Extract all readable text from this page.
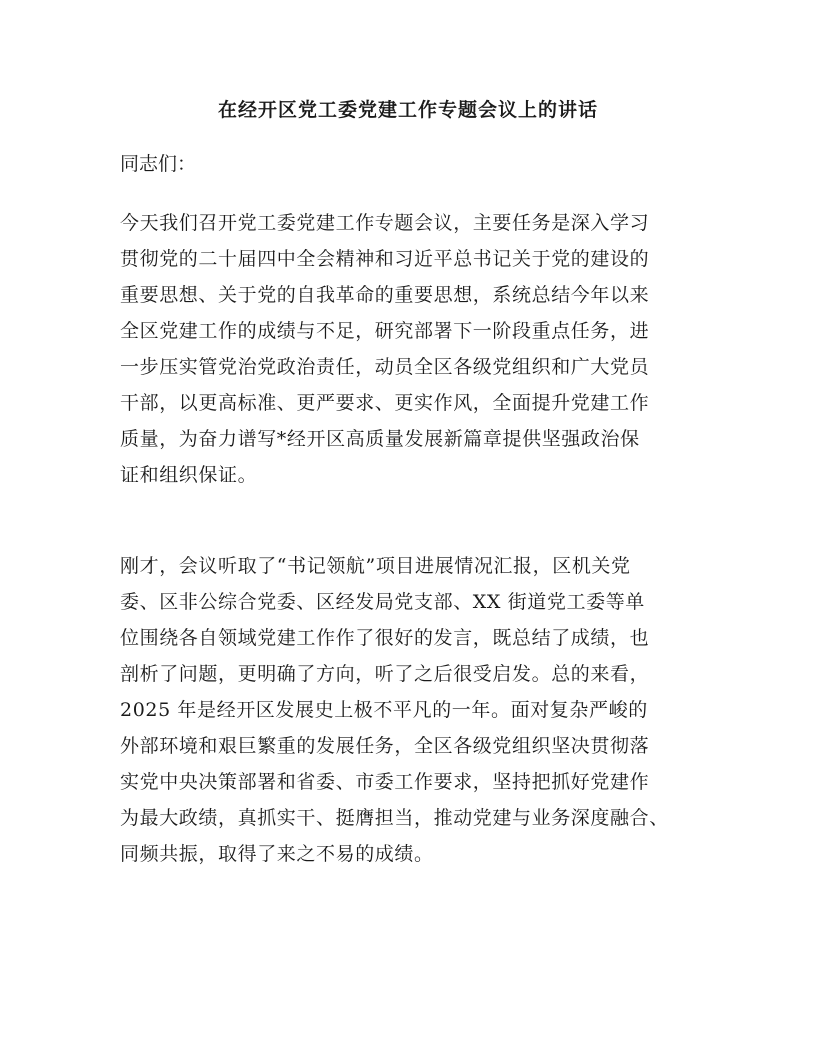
在经开区党工委党建工作专题会议上的讲话
同志们：
今天我们召开党工委党建工作专题会议，主要任务是深入学习
贯彻党的二十届四中全会精神和习近平总书记关于党的建设的
重要思想、关于党的自我革命的重要思想，系统总结今年以来
全区党建工作的成绩与不足，研究部署下一阶段重点任务，进
一步压实管党治党政治责任，动员全区各级党组织和广大党员
干部，以更高标准、更严要求、更实作风，全面提升党建工作
质量，为奋力谱写*经开区高质量发展新篇章提供坚强政治保
证和组织保证。
刚才，会议听取了“书记领航”项目进展情况汇报，区机关党
委、区非公综合党委、区经发局党支部、XX 街道党工委等单
位围绕各自领域党建工作作了很好的发言，既总结了成绩，也
剖析了问题，更明确了方向，听了之后很受启发。总的来看，
2025 年是经开区发展史上极不平凡的一年。面对复杂严峻的
外部环境和艰巨繁重的发展任务，全区各级党组织坚决贯彻落
实党中央决策部署和省委、市委工作要求，坚持把抓好党建作
为最大政绩，真抓实干、挺膺担当，推动党建与业务深度融合、
同频共振，取得了来之不易的成绩。
